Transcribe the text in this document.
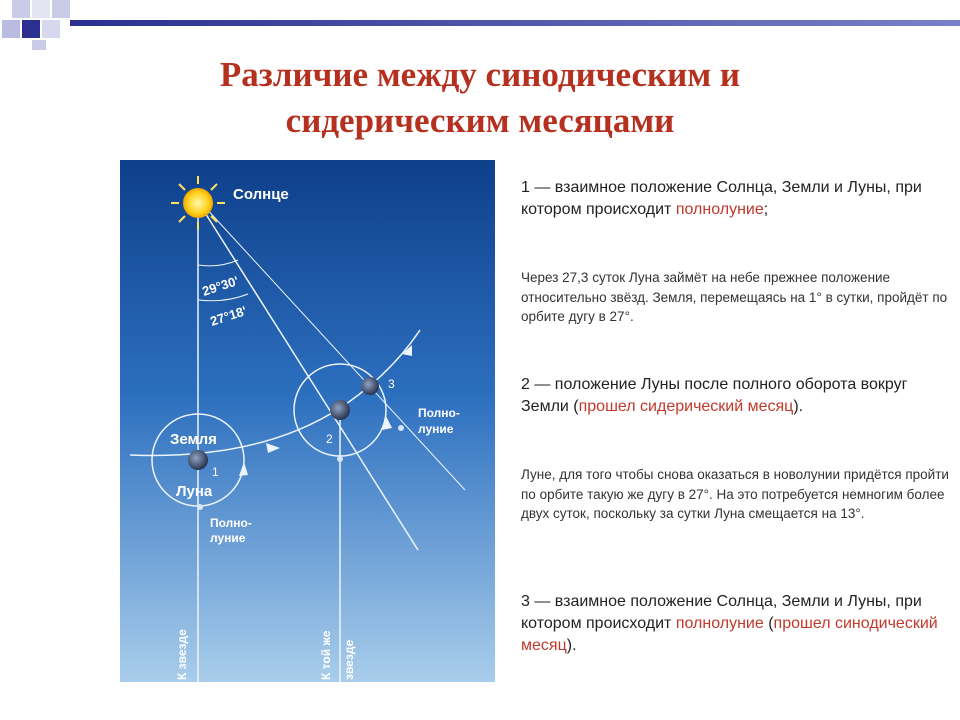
Различие между синодическим и
сидерическим месяцами
29°30'
27°18'
Солнце
Земля
Луна
1
Полно-
луние
2
3
Полно-
луние
К звезде	К той же звезде

1 — взаимное положение Солнца, Земли и Луны, при котором происходит полнолуние;

Через 27,3 суток Луна займёт на небе прежнее положение относительно звёзд. Земля, перемещаясь на 1° в сутки, пройдёт по орбите дугу в 27°.

2 — положение Луны после полного оборота вокруг Земли (прошел сидерический месяц).

Луне, для того чтобы снова оказаться в новолунии придётся пройти по орбите такую же дугу в 27°. На это потребуется немногим более двух суток, поскольку за сутки Луна смещается на 13°.

3 — взаимное положение Солнца, Земли и Луны, при котором происходит полнолуние (прошел синодический месяц).
